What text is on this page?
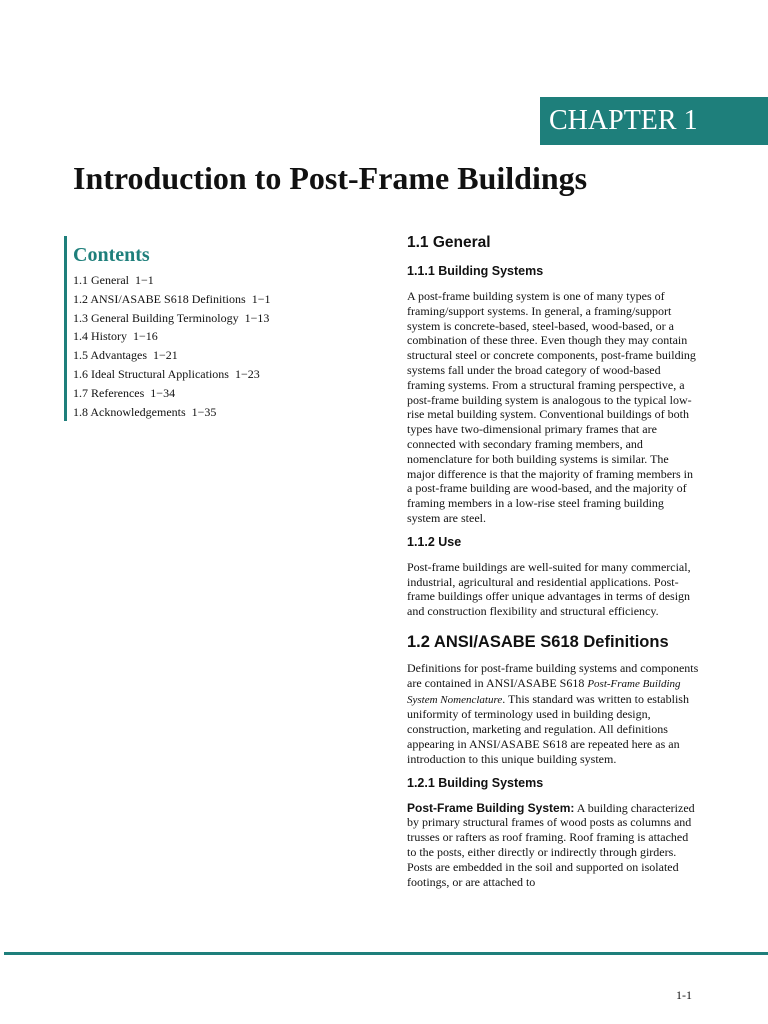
CHAPTER 1
Introduction to Post-Frame Buildings
Contents
1.1 General 1−1
1.2 ANSI/ASABE S618 Definitions 1−1
1.3 General Building Terminology 1−13
1.4 History 1−16
1.5 Advantages 1−21
1.6 Ideal Structural Applications 1−23
1.7 References 1−34
1.8 Acknowledgements 1−35
1.1 General
1.1.1 Building Systems

A post-frame building system is one of many types of framing/support systems. In general, a framing/support system is concrete-based, steel-based, wood-based, or a combination of these three. Even though they may contain structural steel or concrete components, post-frame building systems fall under the broad category of wood-based framing systems. From a structural framing perspective, a post-frame building system is analogous to the typical low-rise metal building system. Conventional buildings of both types have two-dimensional primary frames that are connected with secondary framing members, and nomenclature for both building systems is similar. The major difference is that the majority of framing members in a post-frame building are wood-based, and the majority of framing members in a low-rise steel framing building system are steel.

1.1.2 Use

Post-frame buildings are well-suited for many commercial, industrial, agricultural and residential applications. Post-frame buildings offer unique advantages in terms of design and construction flexibility and structural efficiency.

1.2 ANSI/ASABE S618 Definitions

Definitions for post-frame building systems and components are contained in ANSI/ASABE S618 Post-Frame Building System Nomenclature. This standard was written to establish uniformity of terminology used in building design, construction, marketing and regulation. All definitions appearing in ANSI/ASABE S618 are repeated here as an introduction to this unique building system.

1.2.1 Building Systems

Post-Frame Building System: A building characterized by primary structural frames of wood posts as columns and trusses or rafters as roof framing. Roof framing is attached to the posts, either directly or indirectly through girders. Posts are embedded in the soil and supported on isolated footings, or are attached to

1-1
